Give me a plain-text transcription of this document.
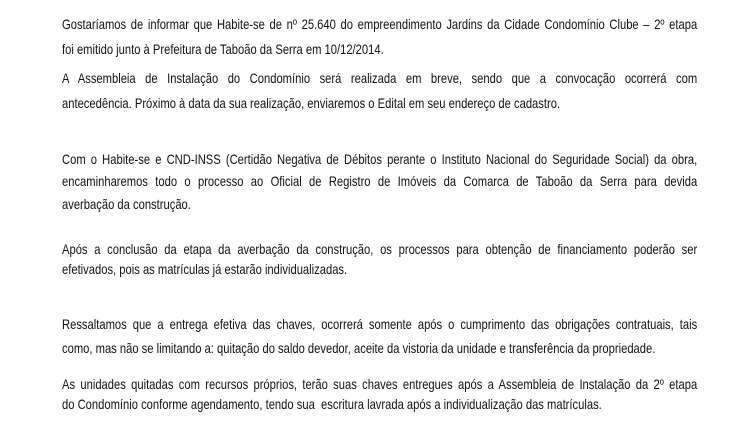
Gostaríamos de informar que Habite-se de nº 25.640 do empreendimento Jardins da Cidade Condomínio Clube – 2º etapa
foi emitido junto à Prefeitura de Taboão da Serra em 10/12/2014.
A Assembleia de Instalação do Condomínio será realizada em breve, sendo que a convocação ocorrerá com
antecedência. Próximo à data da sua realização, enviaremos o Edital em seu endereço de cadastro.
Com o Habite-se e CND-INSS (Certidão Negativa de Débitos perante o Instituto Nacional do Seguridade Social) da obra,
encaminharemos todo o processo ao Oficial de Registro de Imóveis da Comarca de Taboão da Serra para devida
averbação da construção.
Após a conclusão da etapa da averbação da construção, os processos para obtenção de financiamento poderão ser
efetivados, pois as matrículas já estarão individualizadas.
Ressaltamos que a entrega efetiva das chaves, ocorrerá somente após o cumprimento das obrigações contratuais, tais
como, mas não se limitando a: quitação do saldo devedor, aceite da vistoria da unidade e transferência da propriedade.
As unidades quitadas com recursos próprios, terão suas chaves entregues após a Assembleia de Instalação da 2º etapa
do Condomínio conforme agendamento, tendo sua  escritura lavrada após a individualização das matrículas.
